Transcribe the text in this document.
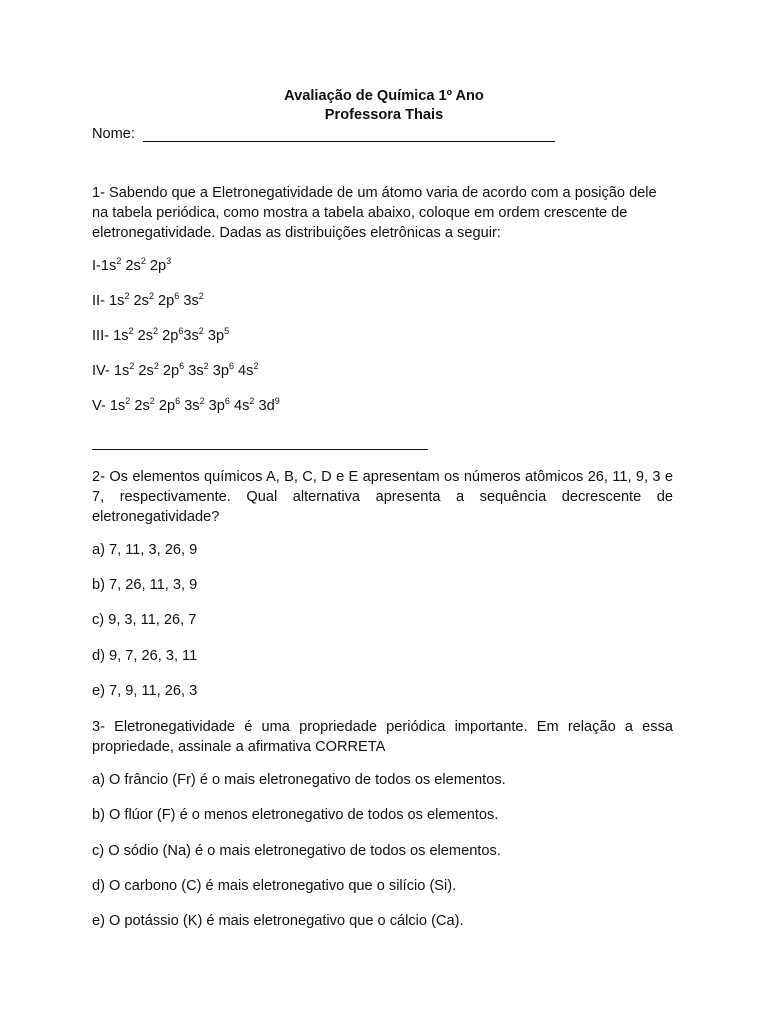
Avaliação de Química 1º Ano
Professora Thais
Nome:
1- Sabendo que a Eletronegatividade de um átomo varia de acordo com a posição dele na tabela periódica, como mostra a tabela abaixo, coloque em ordem crescente de eletronegatividade. Dadas as distribuições eletrônicas a seguir:
$I-1s^2$ $2s^2$ $2p^3$
II- $1s^2$ $2s^2$ $2p^6$ $3s^2$
III- $1s^2$ $2s^2$ $2p^63s^2$ $3p^5$
IV- $1s^2$ $2s^2$ $2p^6$ $3s^2$ $3p^6$ $4s^2$
V- $1s^2$ $2s^2$ $2p^6$ $3s^2$ $3p^6$ $4s^2$ $3d^9$
2- Os elementos químicos A, B, C, D e E apresentam os números atômicos 26, 11, 9, 3 e 7, respectivamente. Qual alternativa apresenta a sequência decrescente de eletronegatividade?
a) 7, 11, 3, 26, 9
b) 7, 26, 11, 3, 9
c) 9, 3, 11, 26, 7
d) 9, 7, 26, 3, 11
e) 7, 9, 11, 26, 3
3- Eletronegatividade é uma propriedade periódica importante. Em relação a essa propriedade, assinale a afirmativa CORRETA
a) O frâncio (Fr) é o mais eletronegativo de todos os elementos.
b) O flúor (F) é o menos eletronegativo de todos os elementos.
c) O sódio (Na) é o mais eletronegativo de todos os elementos.
d) O carbono (C) é mais eletronegativo que o silício (Si).
e) O potássio (K) é mais eletronegativo que o cálcio (Ca).
